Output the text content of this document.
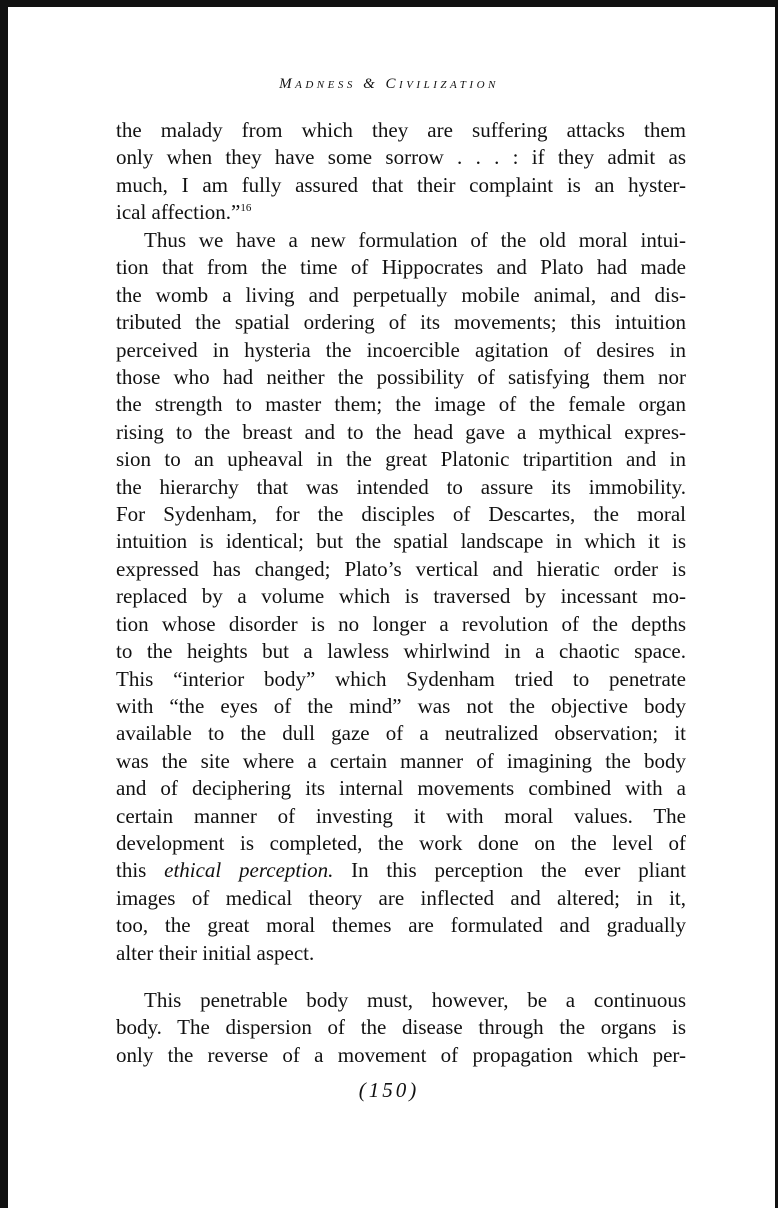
Madness & Civilization
the malady from which they are suffering attacks them
only when they have some sorrow . . . : if they admit as
much, I am fully assured that their complaint is an hyster-
ical affection.”$^{16}$
Thus we have a new formulation of the old moral intui-
tion that from the time of Hippocrates and Plato had made
the womb a living and perpetually mobile animal, and dis-
tributed the spatial ordering of its movements; this intuition
perceived in hysteria the incoercible agitation of desires in
those who had neither the possibility of satisfying them nor
the strength to master them; the image of the female organ
rising to the breast and to the head gave a mythical expres-
sion to an upheaval in the great Platonic tripartition and in
the hierarchy that was intended to assure its immobility.
For Sydenham, for the disciples of Descartes, the moral
intuition is identical; but the spatial landscape in which it is
expressed has changed; Plato’s vertical and hieratic order is
replaced by a volume which is traversed by incessant mo-
tion whose disorder is no longer a revolution of the depths
to the heights but a lawless whirlwind in a chaotic space.
This “interior body” which Sydenham tried to penetrate
with “the eyes of the mind” was not the objective body
available to the dull gaze of a neutralized observation; it
was the site where a certain manner of imagining the body
and of deciphering its internal movements combined with a
certain manner of investing it with moral values. The
development is completed, the work done on the level of
this ethical perception. In this perception the ever pliant
images of medical theory are inflected and altered; in it,
too, the great moral themes are formulated and gradually
alter their initial aspect.
This penetrable body must, however, be a continuous
body. The dispersion of the disease through the organs is
only the reverse of a movement of propagation which per-
(150)
